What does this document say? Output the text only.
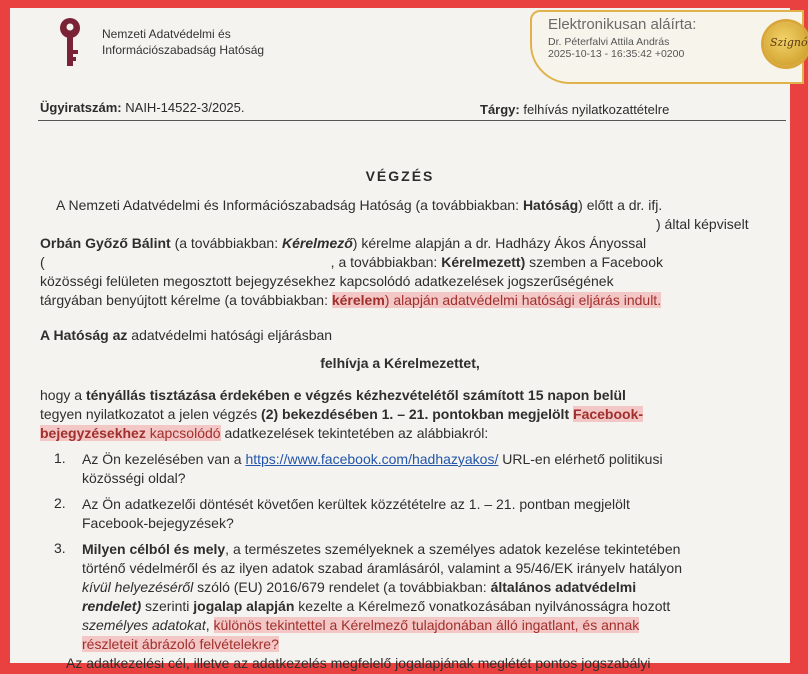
Nemzeti Adatvédelmi és
Információszabadság Hatóság
Elektronikusan aláírta:
Dr. Péterfalvi Attila András
2025-10-13 - 16:35:42 +0200
Szignó
Ügyiratszám: NAIH-14522-3/2025.	Tárgy: felhívás nyilatkozattételre
VÉGZÉS
A Nemzeti Adatvédelmi és Információszabadság Hatóság (a továbbiakban: Hatóság) előtt a dr. ifj.
) által képviselt
Orbán Győző Bálint (a továbbiakban: Kérelmező) kérelme alapján a dr. Hadházy Ákos Ányossal
(	, a továbbiakban: Kérelmezett) szemben a Facebook
közösségi felületen megosztott bejegyzésekhez kapcsolódó adatkezelések jogszerűségének
tárgyában benyújtott kérelme (a továbbiakban: kérelem) alapján adatvédelmi hatósági eljárás indult.
A Hatóság az adatvédelmi hatósági eljárásban
felhívja a Kérelmezettet,
hogy a tényállás tisztázása érdekében e végzés kézhezvételétől számított 15 napon belül
tegyen nyilatkozatot a jelen végzés (2) bekezdésében 1. – 21. pontokban megjelölt Facebook-
bejegyzésekhez kapcsolódó adatkezelések tekintetében az alábbiakról:
1. Az Ön kezelésében van a https://www.facebook.com/hadhazyakos/ URL-en elérhető politikusi
közösségi oldal?
2. Az Ön adatkezelői döntését követően kerültek közzétételre az 1. – 21. pontban megjelölt
Facebook-bejegyzések?
3. Milyen célból és mely, a természetes személyeknek a személyes adatok kezelése tekintetében
történő védelméről és az ilyen adatok szabad áramlásáról, valamint a 95/46/EK irányelv hatályon
kívül helyezéséről szóló (EU) 2016/679 rendelet (a továbbiakban: általános adatvédelmi
rendelet) szerinti jogalap alapján kezelte a Kérelmező vonatkozásában nyilvánosságra hozott
személyes adatokat, különös tekintettel a Kérelmező tulajdonában álló ingatlant, és annak
részleteit ábrázoló felvételekre?
Az adatkezelési cél, illetve az adatkezelés megfelelő jogalapjának meglétét pontos jogszabályi
